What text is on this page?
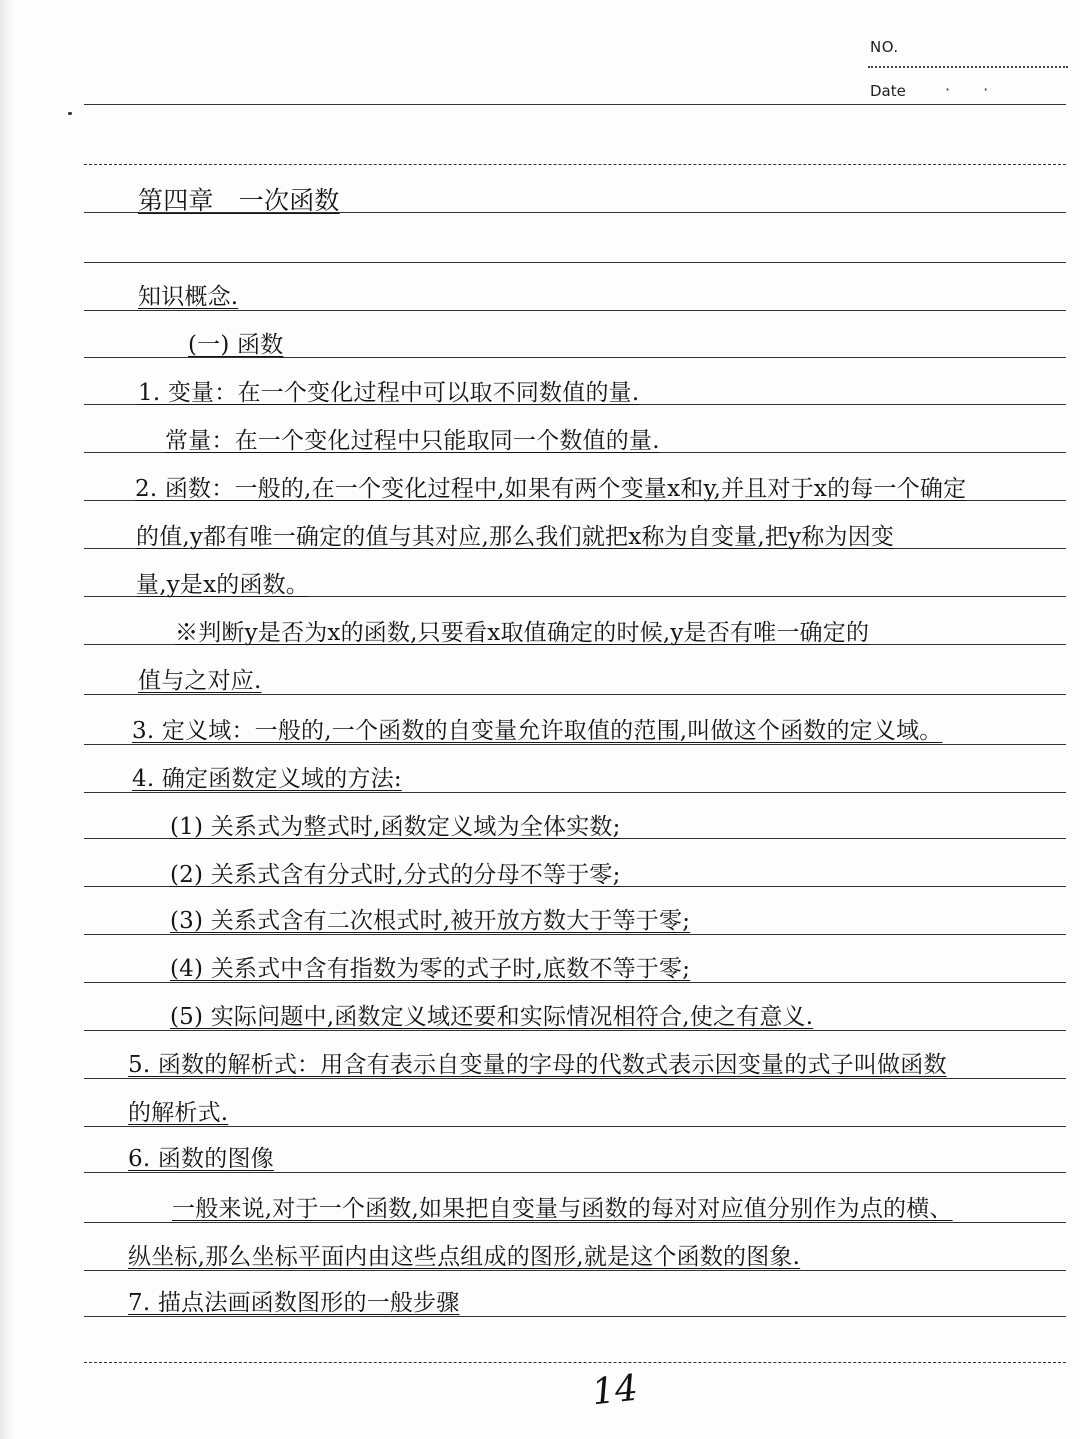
NO.
Date · ·

第四章　一次函数

知识概念.

(一) 函数

1. 变量：在一个变化过程中可以取不同数值的量.

常量：在一个变化过程中只能取同一个数值的量.

2. 函数：一般的,在一个变化过程中,如果有两个变量x和y,并且对于x的每一个确定

的值,y都有唯一确定的值与其对应,那么我们就把x称为自变量,把y称为因变

量,y是x的函数。

※判断y是否为x的函数,只要看x取值确定的时候,y是否有唯一确定的

值与之对应.

3. 定义域：一般的,一个函数的自变量允许取值的范围,叫做这个函数的定义域。

4. 确定函数定义域的方法:

(1) 关系式为整式时,函数定义域为全体实数;

(2) 关系式含有分式时,分式的分母不等于零;

(3) 关系式含有二次根式时,被开放方数大于等于零;

(4) 关系式中含有指数为零的式子时,底数不等于零;

(5) 实际问题中,函数定义域还要和实际情况相符合,使之有意义.

5. 函数的解析式：用含有表示自变量的字母的代数式表示因变量的式子叫做函数

的解析式.

6. 函数的图像

一般来说,对于一个函数,如果把自变量与函数的每对对应值分别作为点的横、

纵坐标,那么坐标平面内由这些点组成的图形,就是这个函数的图象.

7. 描点法画函数图形的一般步骤

14
